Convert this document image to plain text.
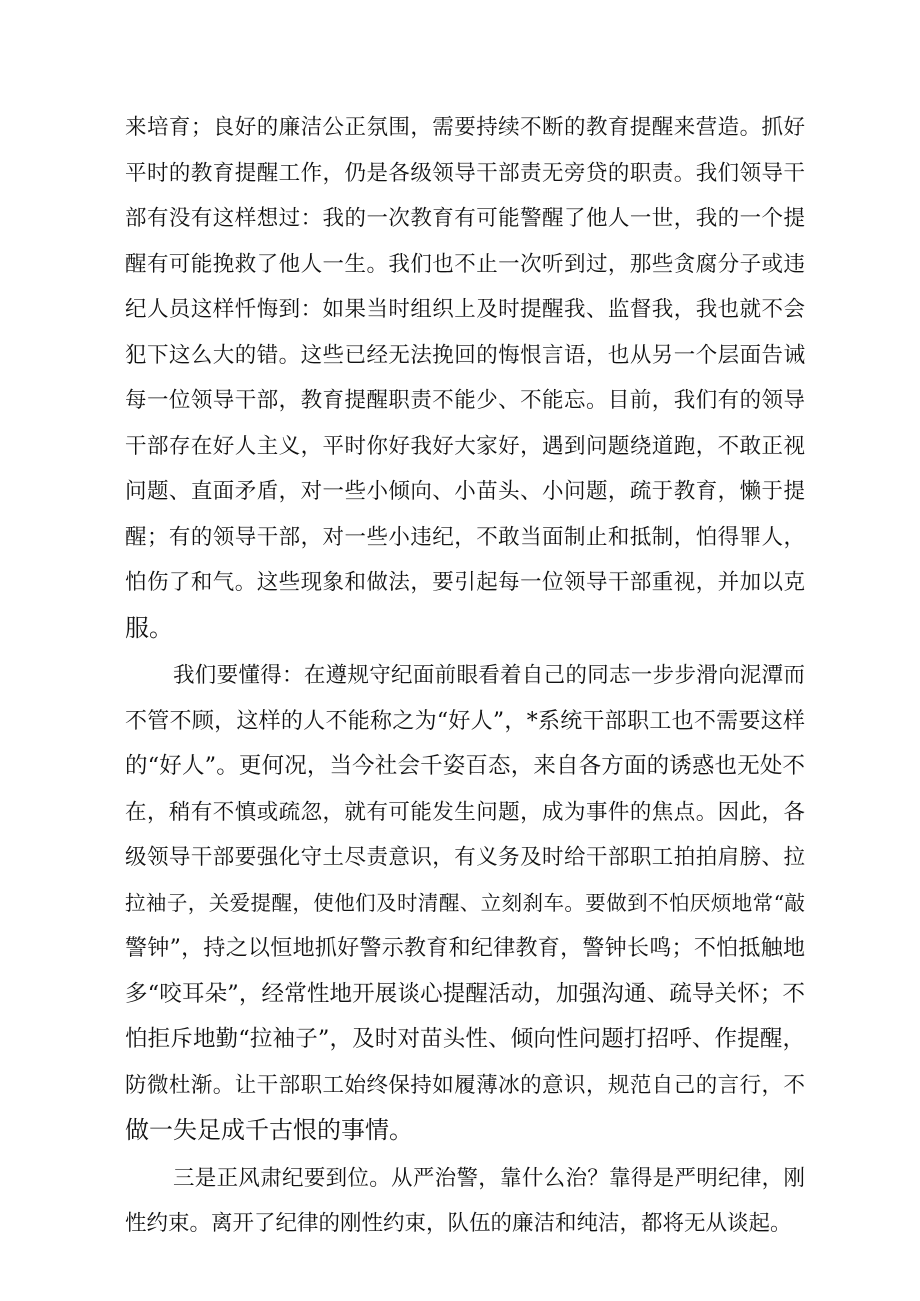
来培育；良好的廉洁公正氛围，需要持续不断的教育提醒来营造。抓好
平时的教育提醒工作，仍是各级领导干部责无旁贷的职责。我们领导干
部有没有这样想过：我的一次教育有可能警醒了他人一世，我的一个提
醒有可能挽救了他人一生。我们也不止一次听到过，那些贪腐分子或违
纪人员这样忏悔到：如果当时组织上及时提醒我、监督我，我也就不会
犯下这么大的错。这些已经无法挽回的悔恨言语，也从另一个层面告诫
每一位领导干部，教育提醒职责不能少、不能忘。目前，我们有的领导
干部存在好人主义，平时你好我好大家好，遇到问题绕道跑，不敢正视
问题、直面矛盾，对一些小倾向、小苗头、小问题，疏于教育，懒于提
醒；有的领导干部，对一些小违纪，不敢当面制止和抵制，怕得罪人，
怕伤了和气。这些现象和做法，要引起每一位领导干部重视，并加以克
服。
我们要懂得：在遵规守纪面前眼看着自己的同志一步步滑向泥潭而
不管不顾，这样的人不能称之为“好人”，*系统干部职工也不需要这样
的“好人”。更何况，当今社会千姿百态，来自各方面的诱惑也无处不
在，稍有不慎或疏忽，就有可能发生问题，成为事件的焦点。因此，各
级领导干部要强化守土尽责意识，有义务及时给干部职工拍拍肩膀、拉
拉袖子，关爱提醒，使他们及时清醒、立刻刹车。要做到不怕厌烦地常“敲
警钟”，持之以恒地抓好警示教育和纪律教育，警钟长鸣；不怕抵触地
多“咬耳朵”，经常性地开展谈心提醒活动，加强沟通、疏导关怀；不
怕拒斥地勤“拉袖子”，及时对苗头性、倾向性问题打招呼、作提醒，
防微杜渐。让干部职工始终保持如履薄冰的意识，规范自己的言行，不
做一失足成千古恨的事情。
三是正风肃纪要到位。从严治警，靠什么治？靠得是严明纪律，刚
性约束。离开了纪律的刚性约束，队伍的廉洁和纯洁，都将无从谈起。
